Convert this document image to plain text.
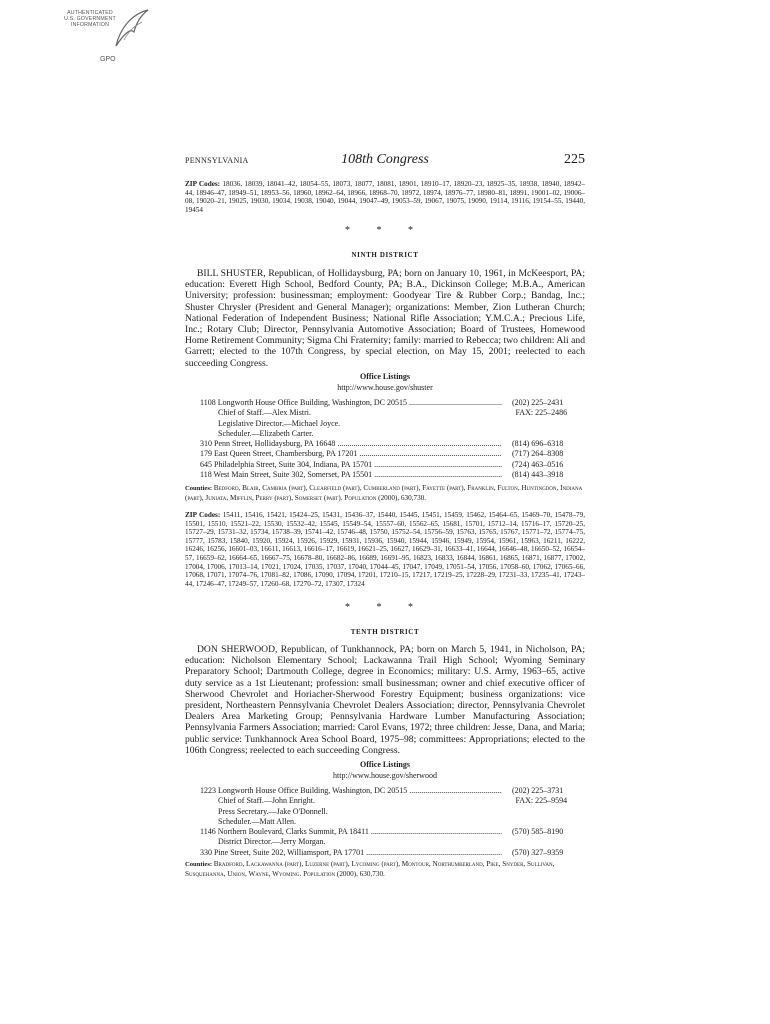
AUTHENTICATED
U.S. GOVERNMENT
INFORMATION
GPO
PENNSYLVANIA	108th Congress	225
ZIP Codes: 18036, 18039, 18041–42, 18054–55, 18073, 18077, 18081, 18901, 18910–17, 18920–23, 18925–35, 18938, 18940, 18942–44, 18946–47, 18949–51, 18953–56, 18960, 18962–64, 18966, 18968–70, 18972, 18974, 18976–77, 18980–81, 18991, 19001–02, 19006–08, 19020–21, 19025, 19030, 19034, 19038, 19040, 19044, 19047–49, 19053–59, 19067, 19075, 19090, 19114, 19116, 19154–55, 19440, 19454
* * *
NINTH DISTRICT
BILL SHUSTER, Republican, of Hollidaysburg, PA; born on January 10, 1961, in McKeesport, PA; education: Everett High School, Bedford County, PA; B.A., Dickinson College; M.B.A., American University; profession: businessman; employment: Goodyear Tire & Rubber Corp.; Bandag, Inc.; Shuster Chrysler (President and General Manager); organizations: Member, Zion Lutheran Church; National Federation of Independent Business; National Rifle Association; Y.M.C.A.; Precious Life, Inc.; Rotary Club; Director, Pennsylvania Automotive Association; Board of Trustees, Homewood Home Retirement Community; Sigma Chi Fraternity; family: married to Rebecca; two children: Ali and Garrett; elected to the 107th Congress, by special election, on May 15, 2001; reelected to each succeeding Congress.
Office Listings
http://www.house.gov/shuster
1108 Longworth House Office Building, Washington, DC 20515 .....	(202) 225–2431
Chief of Staff.—Alex Mistri.	FAX: 225–2486
Legislative Director.—Michael Joyce.
Scheduler.—Elizabeth Carter.
310 Penn Street, Hollidaysburg, PA 16648 .....	(814) 696–6318
179 East Queen Street, Chambersburg, PA 17201 .....	(717) 264–8308
645 Philadelphia Street, Suite 304, Indiana, PA 15701 .....	(724) 463–0516
118 West Main Street, Suite 302, Somerset, PA 15501 .....	(814) 443–3918
Counties: Bedford, Blair, Cambria (part), Clearfield (part), Cumberland (part), Fayette (part), Franklin, Fulton, Huntingdon, Indiana (part), Juniata, Mifflin, Perry (part), Somerset (part). Population (2000), 630,730.
ZIP Codes: 15411, 15416, 15421, 15424–25, 15431, 15436–37, 15440, 15445, 15451, 15459, 15462, 15464–65, 15469–70, 15478–79, 15501, 15510, 15521–22, 15530, 15532–42, 15545, 15549–54, 15557–60, 15562–65, 15681, 15701, 15712–14, 15716–17, 15720–25, 15727–29, 15731–32, 15734, 15738–39, 15741–42, 15746–48, 15750, 15752–54, 15756–59, 15763, 15765, 15767, 15771–72, 15774–75, 15777, 15783, 15840, 15920, 15924, 15926, 15929, 15931, 15936, 15940, 15944, 15946, 15949, 15954, 15961, 15963, 16211, 16222, 16246, 16256, 16601–03, 16611, 16613, 16616–17, 16619, 16621–25, 16627, 16629–31, 16633–41, 16644, 16646–48, 16650–52, 16654–57, 16659–62, 16664–65, 16667–75, 16678–80, 16682–86, 16689, 16691–95, 16823, 16833, 16844, 16861, 16865, 16871, 16877, 17002, 17004, 17006, 17013–14, 17021, 17024, 17035, 17037, 17040, 17044–45, 17047, 17049, 17051–54, 17056, 17058–60, 17062, 17065–66, 17068, 17071, 17074–76, 17081–82, 17086, 17090, 17094, 17201, 17210–15, 17217, 17219–25, 17228–29, 17231–33, 17235–41, 17243–44, 17246–47, 17249–57, 17260–68, 17270–72, 17307, 17324
* * *
TENTH DISTRICT
DON SHERWOOD, Republican, of Tunkhannock, PA; born on March 5, 1941, in Nicholson, PA; education: Nicholson Elementary School; Lackawanna Trail High School; Wyoming Seminary Preparatory School; Dartmouth College, degree in Economics; military: U.S. Army, 1963–65, active duty service as a 1st Lieutenant; profession: small businessman; owner and chief executive officer of Sherwood Chevrolet and Horiacher-Sherwood Forestry Equipment; business organizations: vice president, Northeastern Pennsylvania Chevrolet Dealers Association; director, Pennsylvania Chevrolet Dealers Area Marketing Group; Pennsylvania Hardware Lumber Manufacturing Association; Pennsylvania Farmers Association; married: Carol Evans, 1972; three children: Jesse, Dana, and Maria; public service: Tunkhannock Area School Board, 1975–98; committees: Appropriations; elected to the 106th Congress; reelected to each succeeding Congress.
Office Listings
http://www.house.gov/sherwood
1223 Longworth House Office Building, Washington, DC 20515 .....	(202) 225–3731
Chief of Staff.—John Enright.	FAX: 225–9594
Press Secretary.—Jake O'Donnell.
Scheduler.—Matt Allen.
1146 Northern Boulevard, Clarks Summit, PA 18411 .....	(570) 585–8190
District Director.—Jerry Morgan.
330 Pine Street, Suite 202, Williamsport, PA 17701 .....	(570) 327–9359
Counties: Bradford, Lackawanna (part), Luzerne (part), Lycoming (part), Montour, Northumberland, Pike, Snyder, Sullivan, Susquehanna, Union, Wayne, Wyoming. Population (2000), 630,730.
